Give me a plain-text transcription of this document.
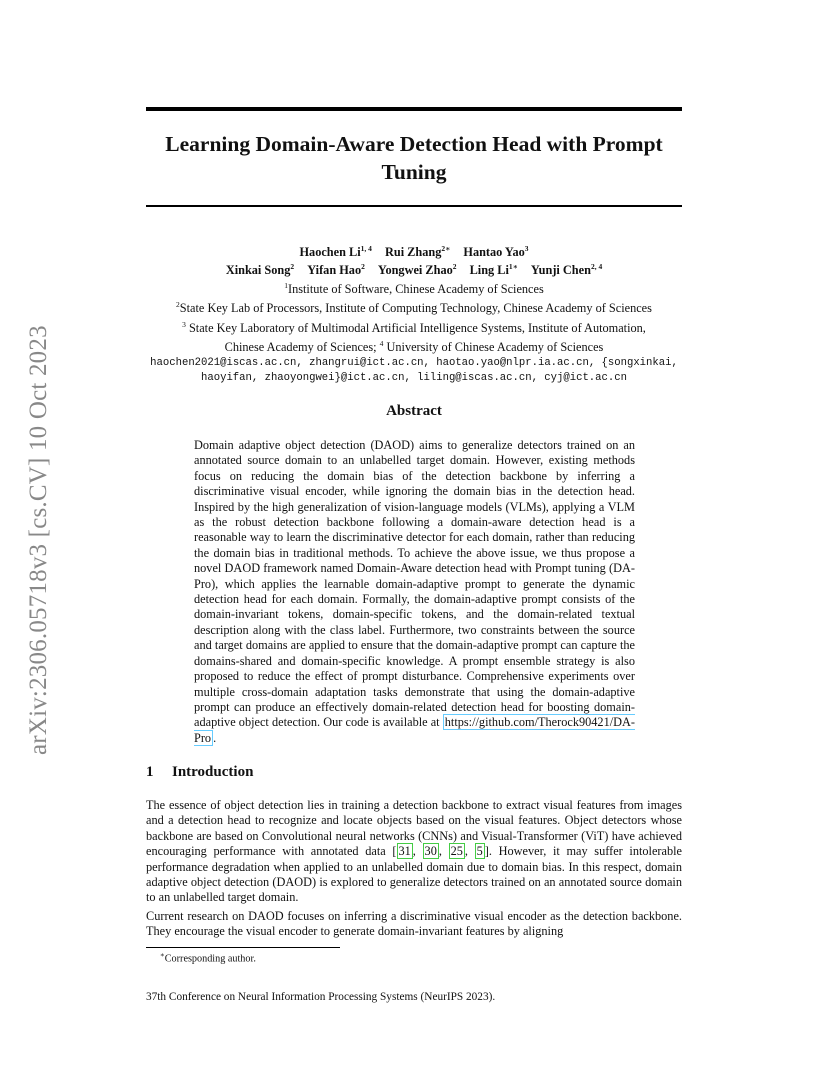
arXiv:2306.05718v3 [cs.CV] 10 Oct 2023
Learning Domain-Aware Detection Head with Prompt Tuning
Haochen Li$^{1, 4}$ Rui Zhang$^{2∗}$ Hantao Yao$^3$
Xinkai Song$^2$ Yifan Hao$^2$ Yongwei Zhao$^2$ Ling $Li^{1∗}$ Yunji Chen$^{2, 4}$
$^1$Institute of Software, Chinese Academy of Sciences
$^2$State Key Lab of Processors, Institute of Computing Technology, Chinese Academy of Sciences
$^3$ State Key Laboratory of Multimodal Artificial Intelligence Systems, Institute of Automation,
Chinese Academy of Sciences; $^4$ University of Chinese Academy of Sciences
haochen2021@iscas.ac.cn, zhangrui@ict.ac.cn, haotao.yao@nlpr.ia.ac.cn, {songxinkai,
haoyifan, zhaoyongwei}@ict.ac.cn, liling@iscas.ac.cn, cyj@ict.ac.cn
Abstract
Domain adaptive object detection (DAOD) aims to generalize detectors trained on an annotated source domain to an unlabelled target domain. However, existing methods focus on reducing the domain bias of the detection backbone by inferring a discriminative visual encoder, while ignoring the domain bias in the detection head. Inspired by the high generalization of vision-language models (VLMs), applying a VLM as the robust detection backbone following a domain-aware detection head is a reasonable way to learn the discriminative detector for each domain, rather than reducing the domain bias in traditional methods. To achieve the above issue, we thus propose a novel DAOD framework named Domain-Aware detection head with Prompt tuning (DA-Pro), which applies the learnable domain-adaptive prompt to generate the dynamic detection head for each domain. Formally, the domain-adaptive prompt consists of the domain-invariant tokens, domain-specific tokens, and the domain-related textual description along with the class label. Furthermore, two constraints between the source and target domains are applied to ensure that the domain-adaptive prompt can capture the domains-shared and domain-specific knowledge. A prompt ensemble strategy is also proposed to reduce the effect of prompt disturbance. Comprehensive experiments over multiple cross-domain adaptation tasks demonstrate that using the domain-adaptive prompt can produce an effectively domain-related detection head for boosting domain-adaptive object detection. Our code is available at https://github.com/Therock90421/DA-Pro .
1 Introduction
The essence of object detection lies in training a detection backbone to extract visual features from images and a detection head to recognize and locate objects based on the visual features. Object detectors whose backbone are based on Convolutional neural networks (CNNs) and Visual-Transformer (ViT) have achieved encouraging performance with annotated data [ 31 , 30 , 25 , 5 ]. However, it may suffer intolerable performance degradation when applied to an unlabelled domain due to domain bias. In this respect, domain adaptive object detection (DAOD) is explored to generalize detectors trained on an annotated source domain to an unlabelled target domain.
Current research on DAOD focuses on inferring a discriminative visual encoder as the detection backbone. They encourage the visual encoder to generate domain-invariant features by aligning
∗Corresponding author.
37th Conference on Neural Information Processing Systems (NeurIPS 2023).
